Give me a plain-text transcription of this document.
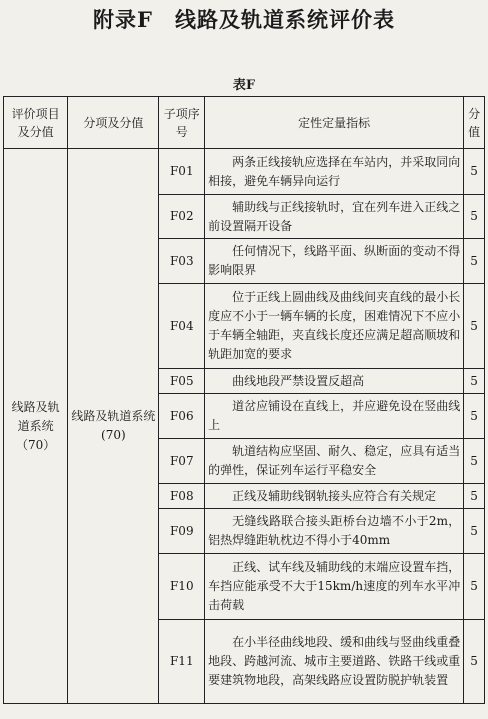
附录F　线路及轨道系统评价表
表F
评价项目及分值	分项及分值	子项序号	定性定量指标	分值
线路及轨道系统（70）	线路及轨道系统(70)	F01	两条正线接轨应选择在车站内，并采取同向相接，避免车辆异向运行	5
		F02	辅助线与正线接轨时，宜在列车进入正线之前设置隔开设备	5
		F03	任何情况下，线路平面、纵断面的变动不得影响限界	5
		F04	位于正线上圆曲线及曲线间夹直线的最小长度应不小于一辆车辆的长度，困难情况下不应小于车辆全轴距，夹直线长度还应满足超高顺坡和轨距加宽的要求	5
		F05	曲线地段严禁设置反超高	5
		F06	道岔应铺设在直线上，并应避免设在竖曲线上	5
		F07	轨道结构应坚固、耐久、稳定，应具有适当的弹性，保证列车运行平稳安全	5
		F08	正线及辅助线钢轨接头应符合有关规定	5
		F09	无缝线路联合接头距桥台边墙不小于2m，铝热焊缝距轨枕边不得小于40mm	5
		F10	正线、试车线及辅助线的末端应设置车挡，车挡应能承受不大于15km/h速度的列车水平冲击荷载	5
		F11	在小半径曲线地段、缓和曲线与竖曲线重叠地段、跨越河流、城市主要道路、铁路干线或重要建筑物地段，高架线路应设置防脱护轨装置	5
